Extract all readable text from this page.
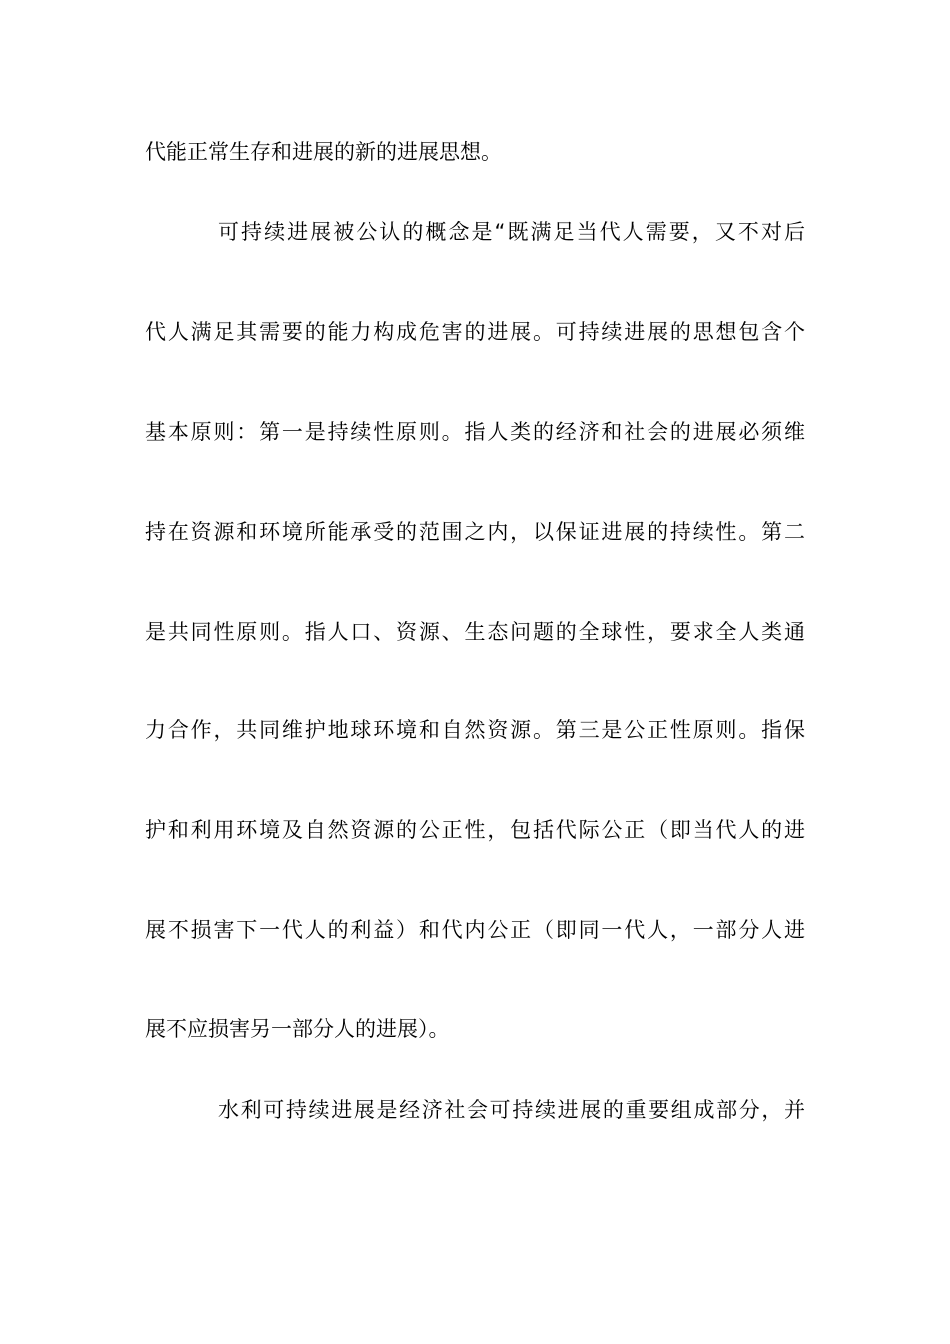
代能正常生存和进展的新的进展思想。
可持续进展被公认的概念是“既满足当代人需要，又不对后
代人满足其需要的能力构成危害的进展。可持续进展的思想包含个
基本原则：第一是持续性原则。指人类的经济和社会的进展必须维
持在资源和环境所能承受的范围之内，以保证进展的持续性。第二
是共同性原则。指人口、资源、生态问题的全球性，要求全人类通
力合作，共同维护地球环境和自然资源。第三是公正性原则。指保
护和利用环境及自然资源的公正性，包括代际公正（即当代人的进
展不损害下一代人的利益）和代内公正（即同一代人，一部分人进
展不应损害另一部分人的进展）。
水利可持续进展是经济社会可持续进展的重要组成部分，并
